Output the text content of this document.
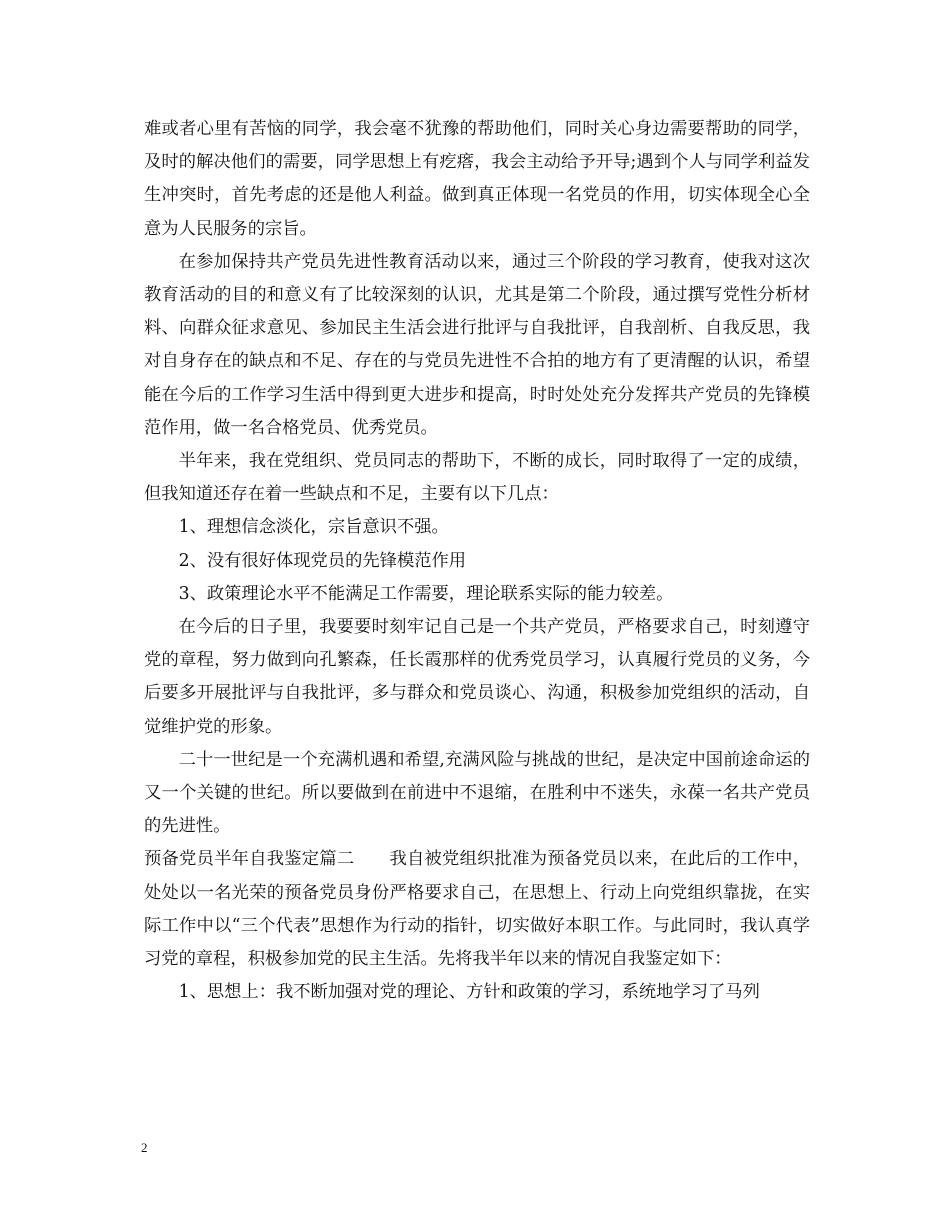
难或者心里有苦恼的同学，我会毫不犹豫的帮助他们，同时关心身边需要帮助的同学，及时的解决他们的需要，同学思想上有疙瘩，我会主动给予开导;遇到个人与同学利益发生冲突时，首先考虑的还是他人利益。做到真正体现一名党员的作用，切实体现全心全意为人民服务的宗旨。

在参加保持共产党员先进性教育活动以来，通过三个阶段的学习教育，使我对这次教育活动的目的和意义有了比较深刻的认识，尤其是第二个阶段，通过撰写党性分析材料、向群众征求意见、参加民主生活会进行批评与自我批评，自我剖析、自我反思，我对自身存在的缺点和不足、存在的与党员先进性不合拍的地方有了更清醒的认识，希望能在今后的工作学习生活中得到更大进步和提高，时时处处充分发挥共产党员的先锋模范作用，做一名合格党员、优秀党员。

半年来，我在党组织、党员同志的帮助下，不断的成长，同时取得了一定的成绩，但我知道还存在着一些缺点和不足，主要有以下几点：

1、理想信念淡化，宗旨意识不强。

2、没有很好体现党员的先锋模范作用

3、政策理论水平不能满足工作需要，理论联系实际的能力较差。

在今后的日子里，我要要时刻牢记自己是一个共产党员，严格要求自己，时刻遵守党的章程，努力做到向孔繁森，任长霞那样的优秀党员学习，认真履行党员的义务，今后要多开展批评与自我批评，多与群众和党员谈心、沟通，积极参加党组织的活动，自觉维护党的形象。

二十一世纪是一个充满机遇和希望,充满风险与挑战的世纪，是决定中国前途命运的又一个关键的世纪。所以要做到在前进中不退缩，在胜利中不迷失，永葆一名共产党员的先进性。

预备党员半年自我鉴定篇二　　我自被党组织批准为预备党员以来，在此后的工作中，处处以一名光荣的预备党员身份严格要求自己，在思想上、行动上向党组织靠拢，在实际工作中以“三个代表”思想作为行动的指针，切实做好本职工作。与此同时，我认真学习党的章程，积极参加党的民主生活。先将我半年以来的情况自我鉴定如下：

1、思想上：我不断加强对党的理论、方针和政策的学习，系统地学习了马列

2
